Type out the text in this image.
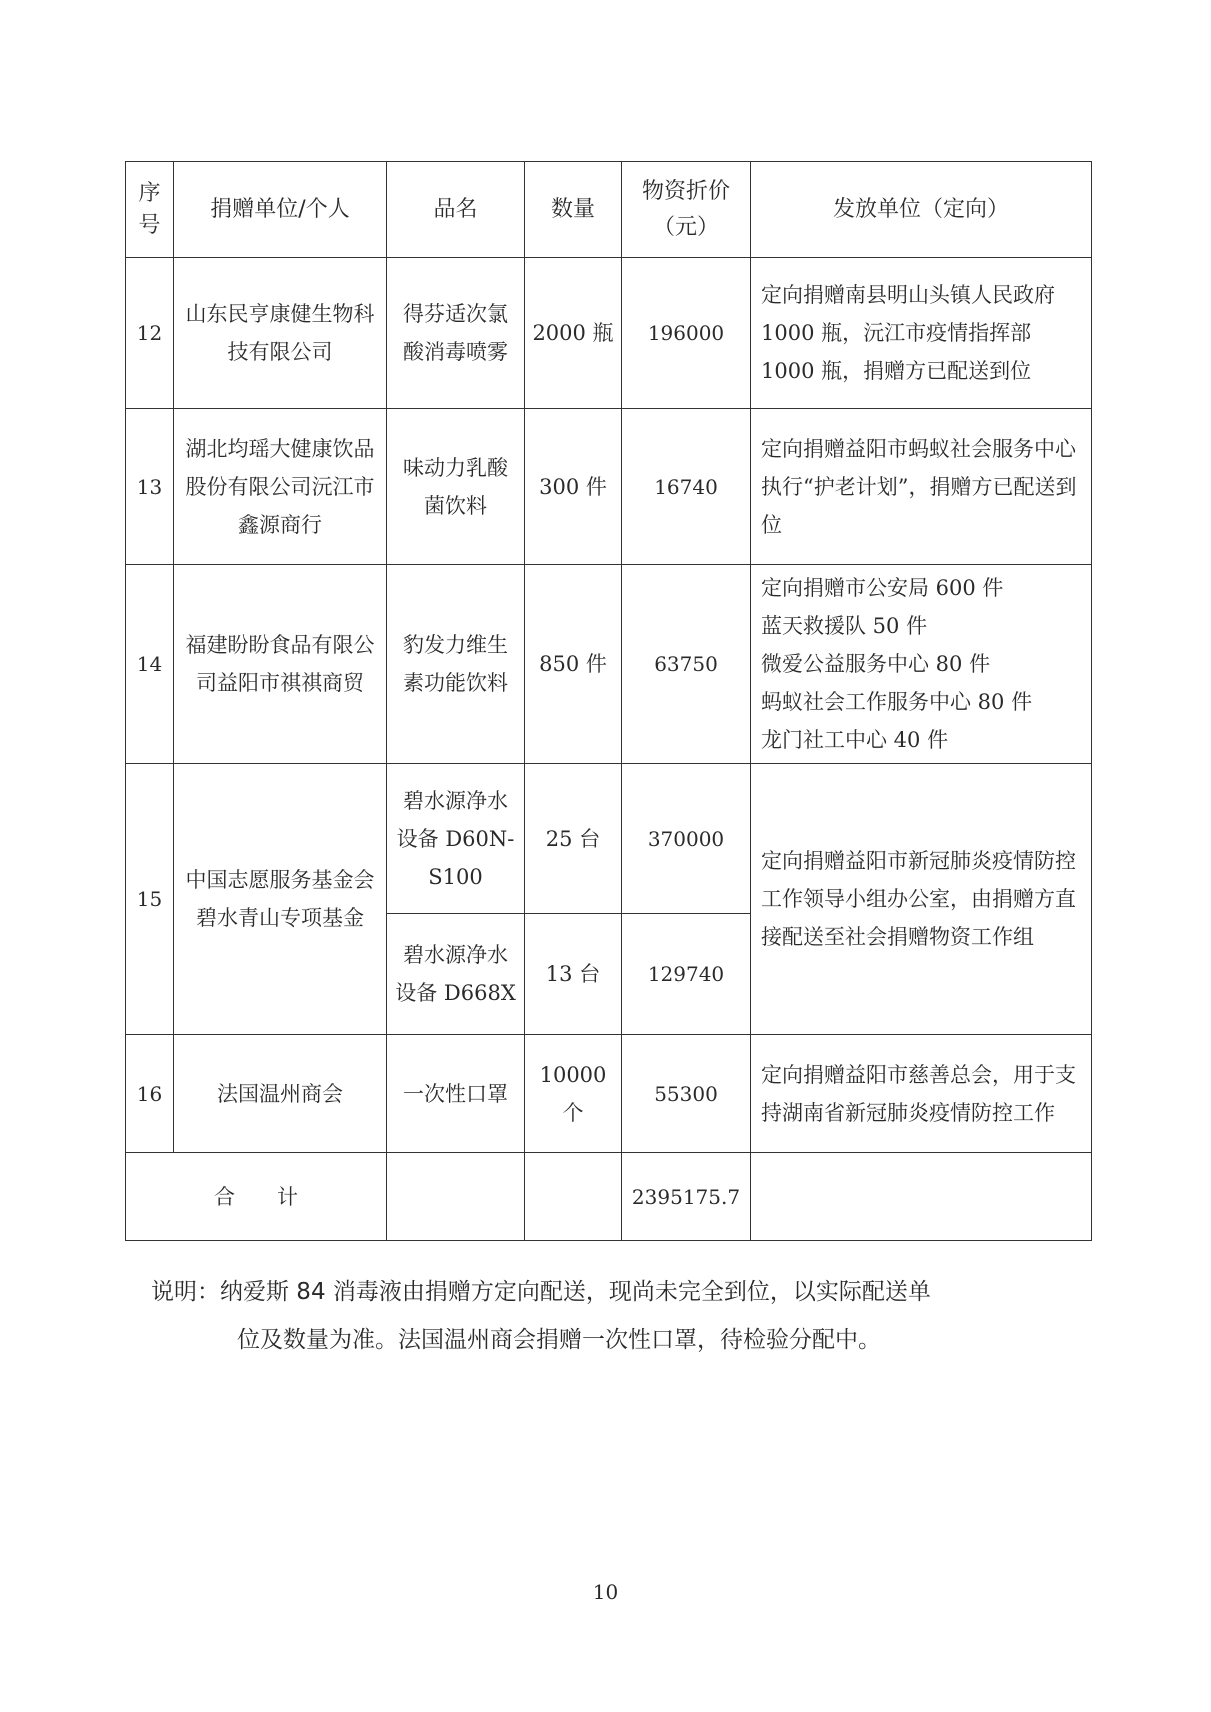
序号	捐赠单位/个人	品名	数量	物资折价（元）	发放单位（定向）
12	山东民亨康健生物科技有限公司	得芬适次氯酸消毒喷雾	2000 瓶	196000	定向捐赠南县明山头镇人民政府 1000 瓶，沅江市疫情指挥部 1000 瓶，捐赠方已配送到位
13	湖北均瑶大健康饮品股份有限公司沅江市鑫源商行	味动力乳酸菌饮料	300 件	16740	定向捐赠益阳市蚂蚁社会服务中心执行“护老计划”，捐赠方已配送到位
14	福建盼盼食品有限公司益阳市祺祺商贸	豹发力维生素功能饮料	850 件	63750	定向捐赠市公安局 600 件
蓝天救援队 50 件
微爱公益服务中心 80 件
蚂蚁社会工作服务中心 80 件
龙门社工中心 40 件

15	中国志愿服务基金会碧水青山专项基金	碧水源净水设备 D60N-S100	25 台	370000	定向捐赠益阳市新冠肺炎疫情防控工作领导小组办公室，由捐赠方直接配送至社会捐赠物资工作组
		碧水源净水设备 D668X	13 台	129740	
16	法国温州商会	一次性口罩	10000 个	55300	定向捐赠益阳市慈善总会，用于支持湖南省新冠肺炎疫情防控工作
合　　计				2395175.7	
说明：纳爱斯 84 消毒液由捐赠方定向配送，现尚未完全到位，以实际配送单
位及数量为准。法国温州商会捐赠一次性口罩，待检验分配中。
10
